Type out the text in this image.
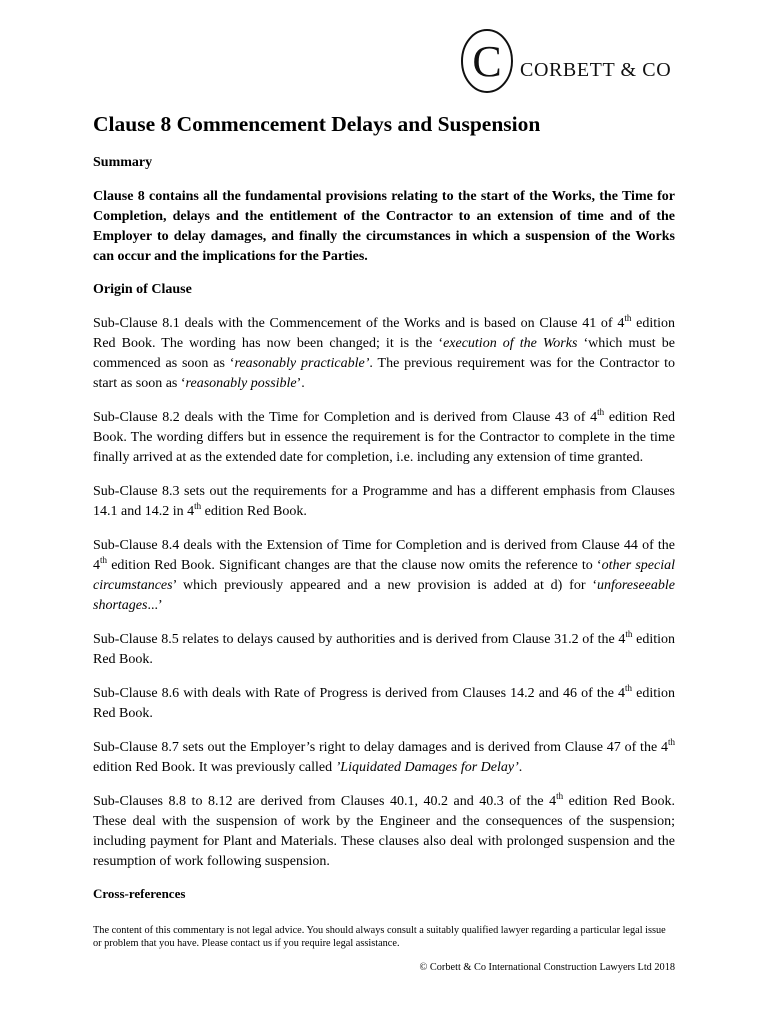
C CORBETT & CO
Clause 8 Commencement Delays and Suspension
Summary

Clause 8 contains all the fundamental provisions relating to the start of the Works, the Time for Completion, delays and the entitlement of the Contractor to an extension of time and of the Employer to delay damages, and finally the circumstances in which a suspension of the Works can occur and the implications for the Parties.

Origin of Clause

Sub-Clause 8.1 deals with the Commencement of the Works and is based on Clause 41 of 4th edition Red Book. The wording has now been changed; it is the ‘execution of the Works ‘which must be commenced as soon as ‘reasonably practicable’. The previous requirement was for the Contractor to start as soon as ‘reasonably possible’.

Sub-Clause 8.2 deals with the Time for Completion and is derived from Clause 43 of 4th edition Red Book. The wording differs but in essence the requirement is for the Contractor to complete in the time finally arrived at as the extended date for completion, i.e. including any extension of time granted.

Sub-Clause 8.3 sets out the requirements for a Programme and has a different emphasis from Clauses 14.1 and 14.2 in 4th edition Red Book.

Sub-Clause 8.4 deals with the Extension of Time for Completion and is derived from Clause 44 of the 4th edition Red Book. Significant changes are that the clause now omits the reference to ‘other special circumstances’ which previously appeared and a new provision is added at d) for ‘unforeseeable shortages...’

Sub-Clause 8.5 relates to delays caused by authorities and is derived from Clause 31.2 of the 4th edition Red Book.

Sub-Clause 8.6 with deals with Rate of Progress is derived from Clauses 14.2 and 46 of the 4th edition Red Book.

Sub-Clause 8.7 sets out the Employer’s right to delay damages and is derived from Clause 47 of the 4th edition Red Book. It was previously called ’Liquidated Damages for Delay’.

Sub-Clauses 8.8 to 8.12 are derived from Clauses 40.1, 40.2 and 40.3 of the 4th edition Red Book. These deal with the suspension of work by the Engineer and the consequences of the suspension; including payment for Plant and Materials. These clauses also deal with prolonged suspension and the resumption of work following suspension.

Cross-references
The content of this commentary is not legal advice. You should always consult a suitably qualified lawyer regarding a particular legal issue or problem that you have. Please contact us if you require legal assistance.
© Corbett & Co International Construction Lawyers Ltd 2018
